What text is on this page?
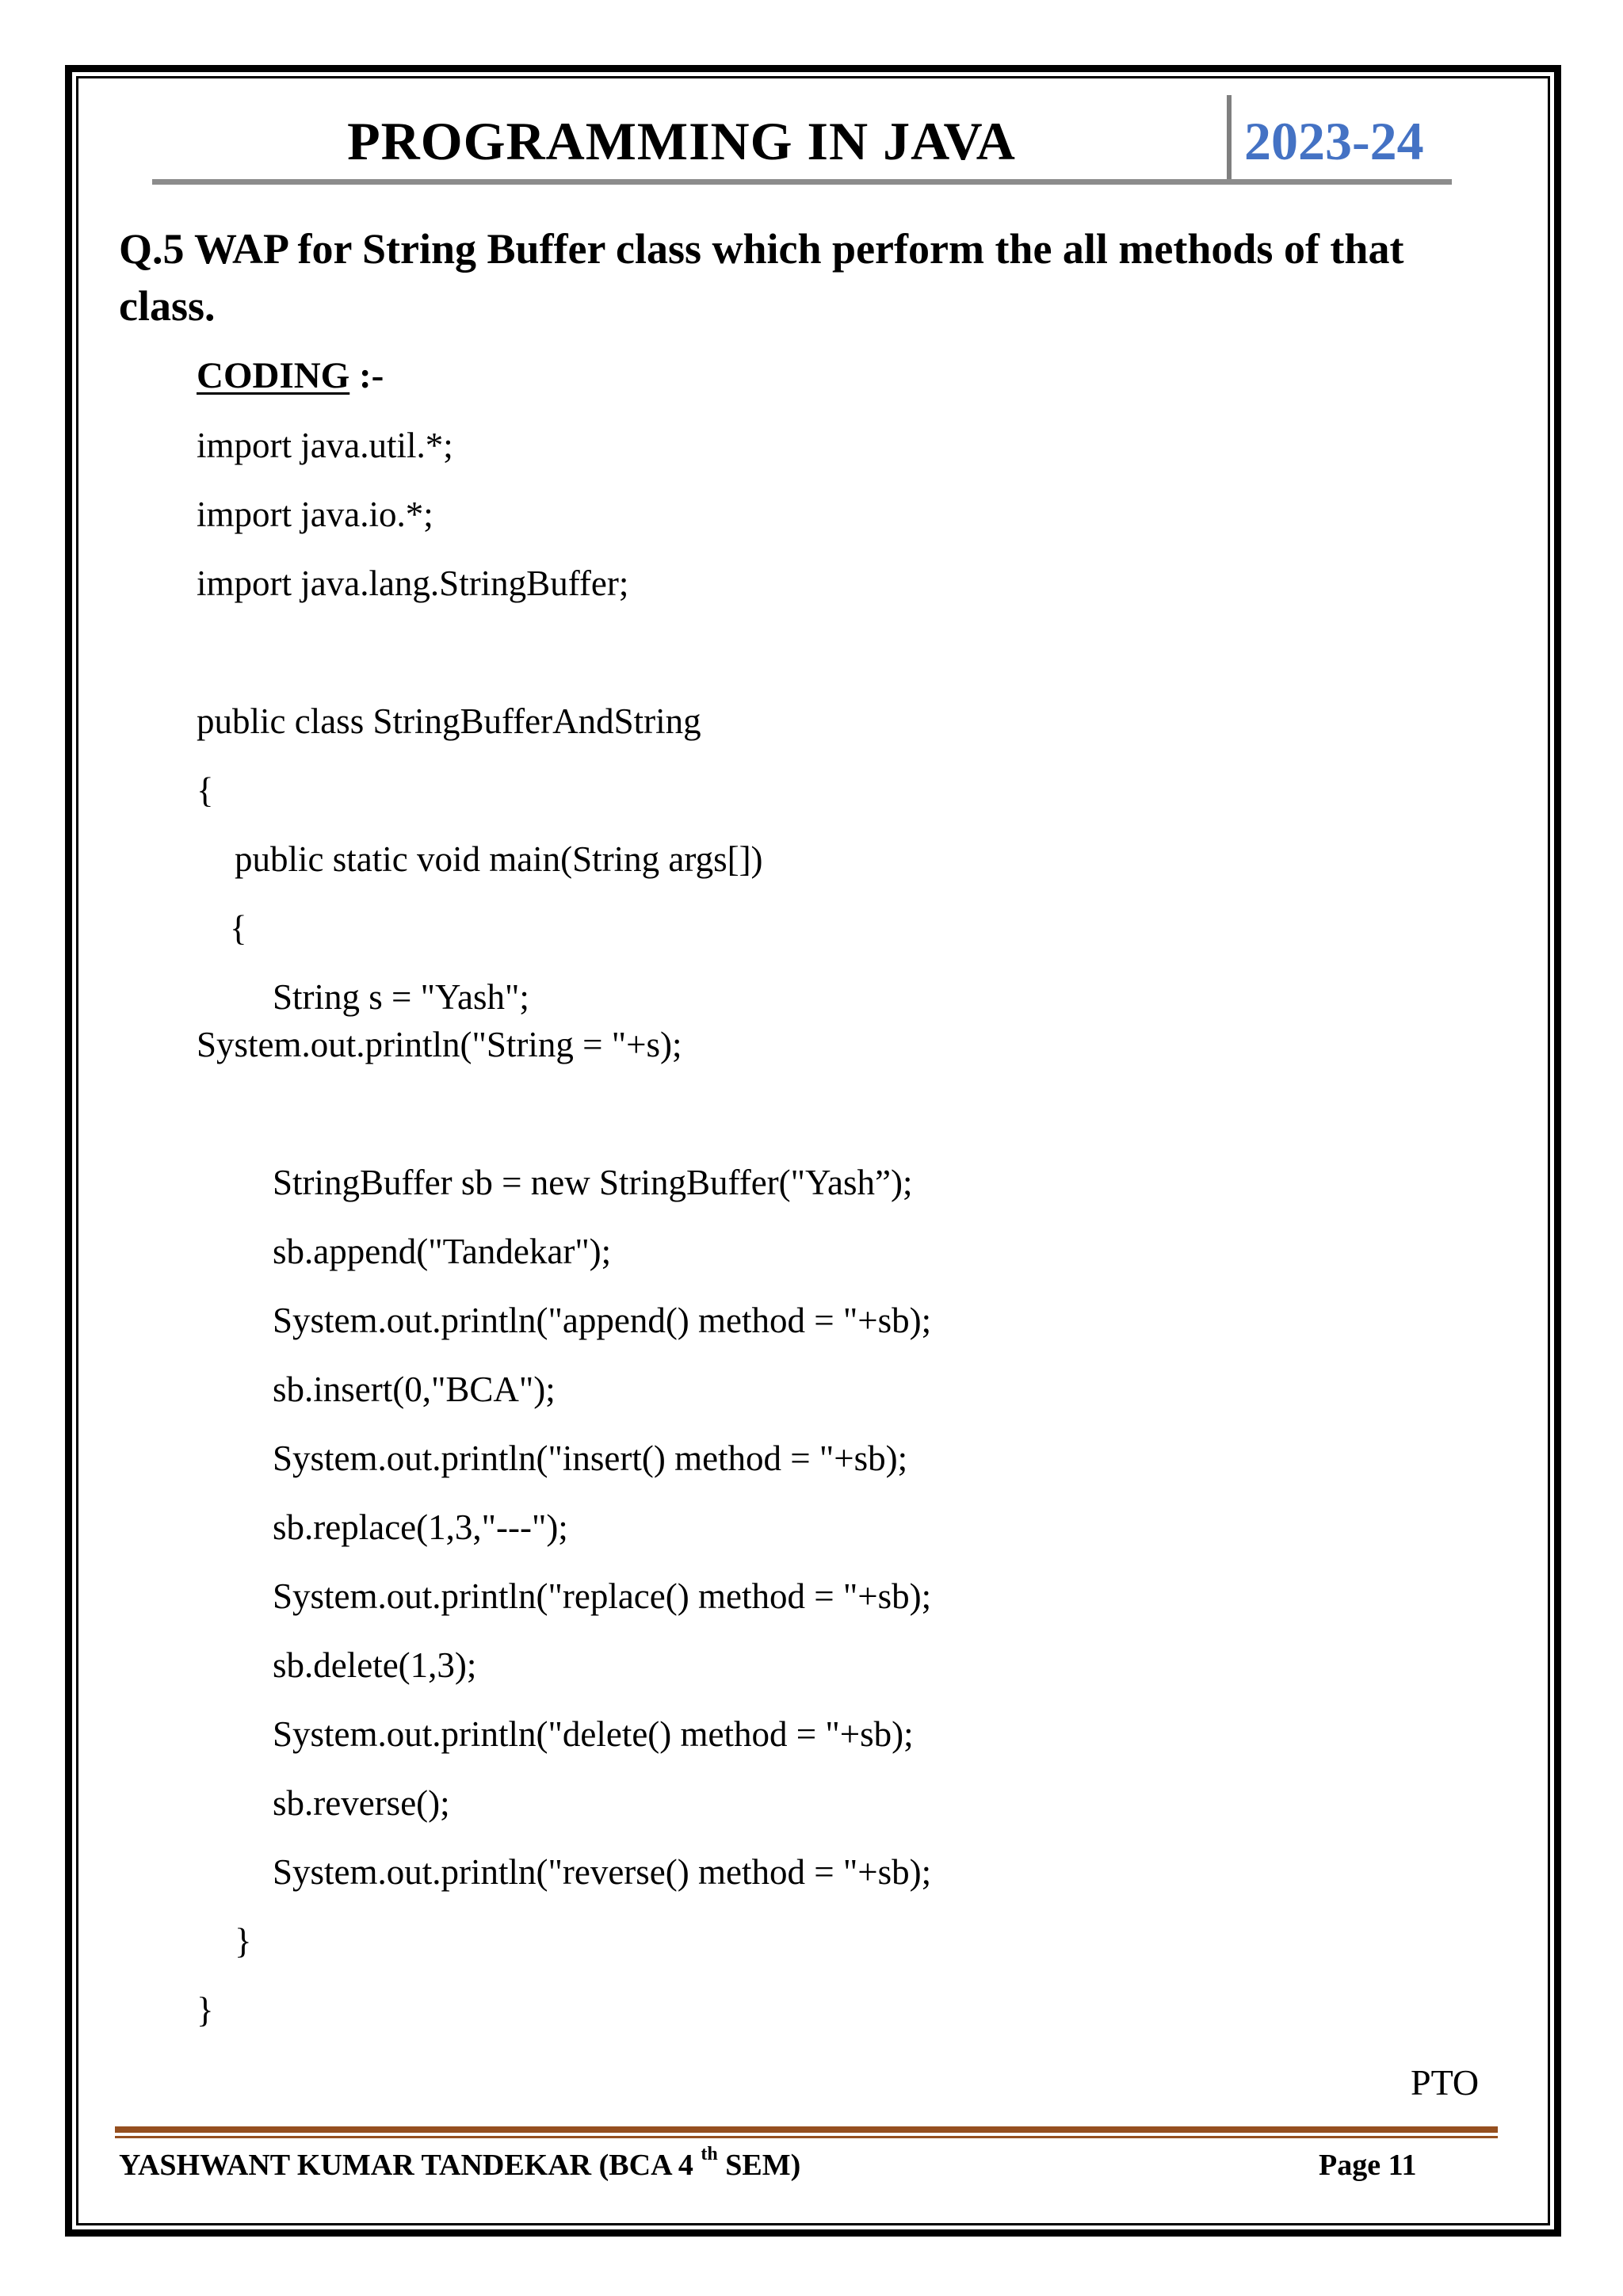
PROGRAMMING IN JAVA	2023-24
Q.5 WAP for String Buffer class which perform the all methods of that class.
CODING :-
import java.util.*;
import java.io.*;
import java.lang.StringBuffer;
public class StringBufferAndString
{
public static void main(String args[])
{
String s = "Yash";
System.out.println("String = "+s);
StringBuffer sb = new StringBuffer("Yash”);
sb.append("Tandekar");
System.out.println("append() method = "+sb);
sb.insert(0,"BCA");
System.out.println("insert() method = "+sb);
sb.replace(1,3,"---");
System.out.println("replace() method = "+sb);
sb.delete(1,3);
System.out.println("delete() method = "+sb);
sb.reverse();
System.out.println("reverse() method = "+sb);
}
}
PTO
YASHWANT KUMAR TANDEKAR (BCA 4 $^{th}$ SEM)	Page 11
